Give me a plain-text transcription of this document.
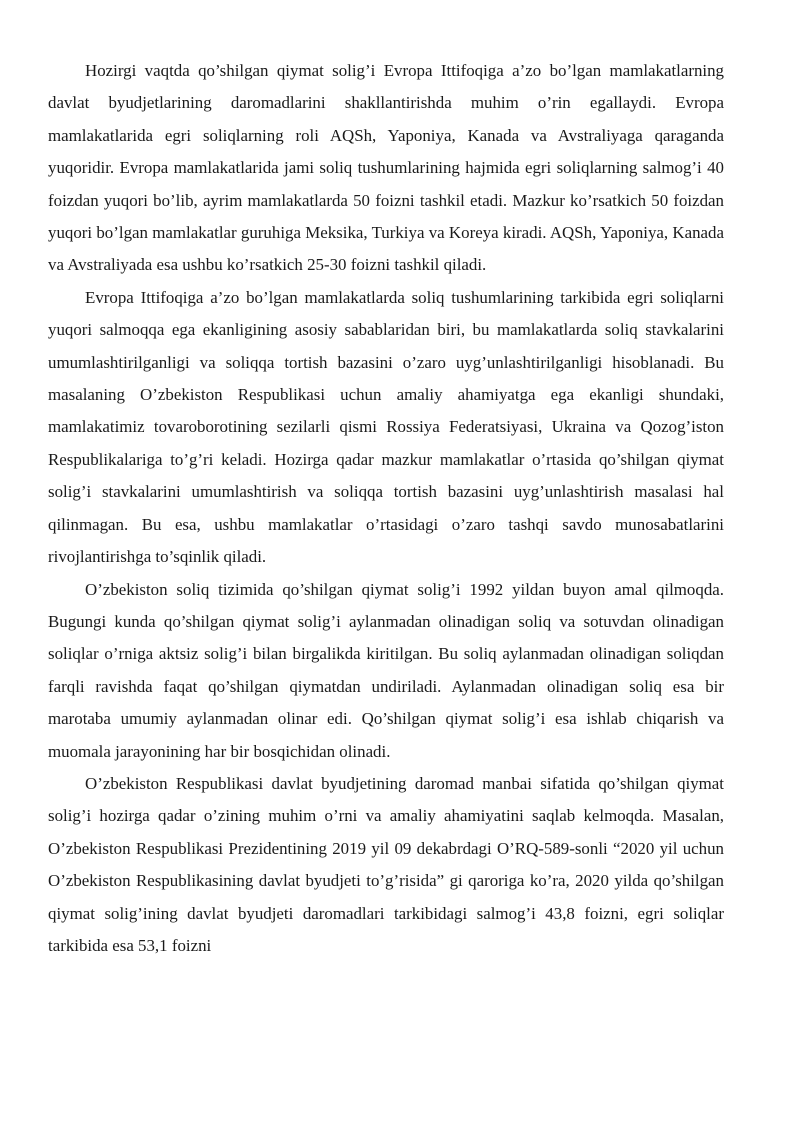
Hozirgi vaqtda qo’shilgan qiymat solig’i Evropa Ittifoqiga a’zo bo’lgan mamlakatlarning davlat byudjetlarining daromadlarini shakllantirishda muhim o’rin egallaydi. Evropa mamlakatlarida egri soliqlarning roli AQSh, Yaponiya, Kanada va Avstraliyaga qaraganda yuqoridir. Evropa mamlakatlarida jami soliq tushumlarining hajmida egri soliqlarning salmog’i 40 foizdan yuqori bo’lib, ayrim mamlakatlarda 50 foizni tashkil etadi. Mazkur ko’rsatkich 50 foizdan yuqori bo’lgan mamlakatlar guruhiga Meksika, Turkiya va Koreya kiradi. AQSh, Yaponiya, Kanada va Avstraliyada esa ushbu ko’rsatkich 25-30 foizni tashkil qiladi.

Evropa Ittifoqiga a’zo bo’lgan mamlakatlarda soliq tushumlarining tarkibida egri soliqlarni yuqori salmoqqa ega ekanligining asosiy sabablaridan biri, bu mamlakatlarda soliq stavkalarini umumlashtirilganligi va soliqqa tortish bazasini o’zaro uyg’unlashtirilganligi hisoblanadi. Bu masalaning O’zbekiston Respublikasi uchun amaliy ahamiyatga ega ekanligi shundaki, mamlakatimiz tovaroborotining sezilarli qismi Rossiya Federatsiyasi, Ukraina va Qozog’iston Respublikalariga to’g’ri keladi. Hozirga qadar mazkur mamlakatlar o’rtasida qo’shilgan qiymat solig’i stavkalarini umumlashtirish va soliqqa tortish bazasini uyg’unlashtirish masalasi hal qilinmagan. Bu esa, ushbu mamlakatlar o’rtasidagi o’zaro tashqi savdo munosabatlarini rivojlantirishga to’sqinlik qiladi.

O’zbekiston soliq tizimida qo’shilgan qiymat solig’i 1992 yildan buyon amal qilmoqda. Bugungi kunda qo’shilgan qiymat solig’i aylanmadan olinadigan soliq va sotuvdan olinadigan soliqlar o’rniga aktsiz solig’i bilan birgalikda kiritilgan. Bu soliq aylanmadan olinadigan soliqdan farqli ravishda faqat qo’shilgan qiymatdan undiriladi. Aylanmadan olinadigan soliq esa bir marotaba umumiy aylanmadan olinar edi. Qo’shilgan qiymat solig’i esa ishlab chiqarish va muomala jarayonining har bir bosqichidan olinadi.

O’zbekiston Respublikasi davlat byudjetining daromad manbai sifatida qo’shilgan qiymat solig’i hozirga qadar o’zining muhim o’rni va amaliy ahamiyatini saqlab kelmoqda. Masalan, O’zbekiston Respublikasi Prezidentining 2019 yil 09 dekabrdagi O’RQ-589-sonli “2020 yil uchun O’zbekiston Respublikasining davlat byudjeti to’g’risida” gi qaroriga ko’ra, 2020 yilda qo’shilgan qiymat solig’ining davlat byudjeti daromadlari tarkibidagi salmog’i 43,8 foizni, egri soliqlar tarkibida esa 53,1 foizni
